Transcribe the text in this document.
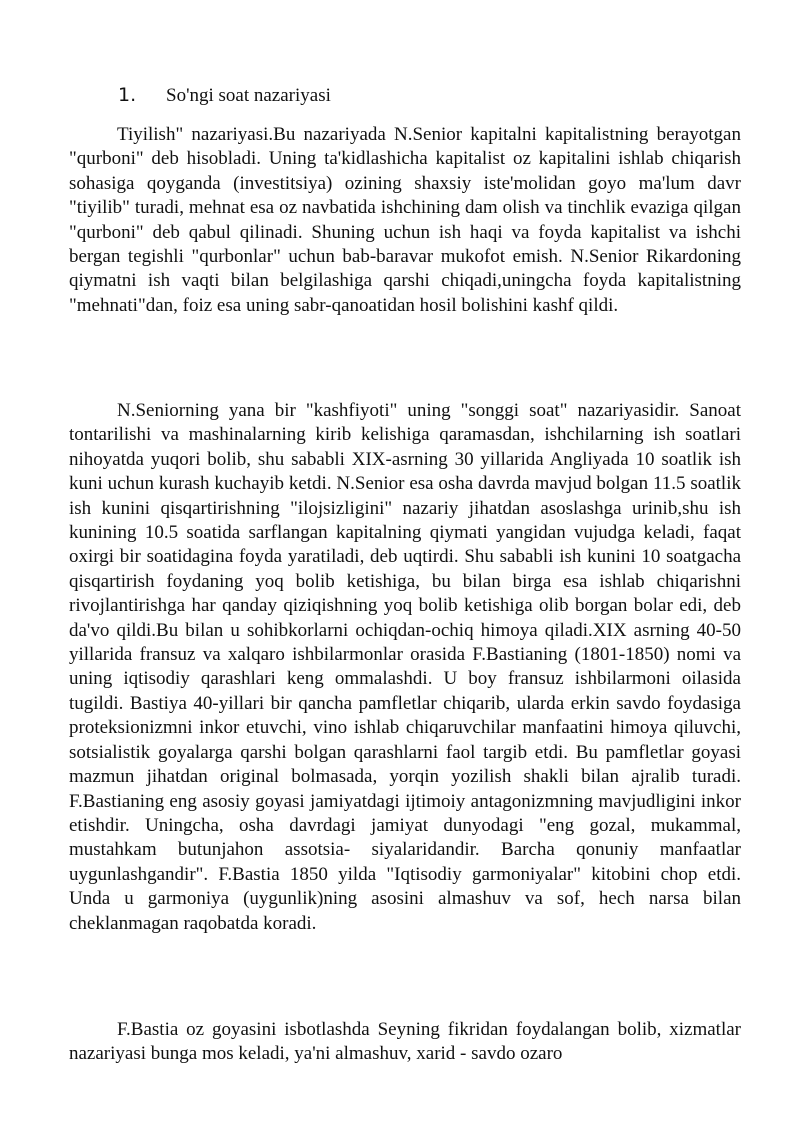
1.	So'ngi soat nazariyasi

Tiyilish" nazariyasi.Bu nazariyada N.Senior kapitalni kapitalistning berayotgan "qurboni" deb hisobladi. Uning ta'kidlashicha kapitalist oz kapitalini ishlab chiqarish sohasiga qoyganda (investitsiya) ozining shaxsiy iste'molidan goyo ma'lum davr "tiyilib" turadi, mehnat esa oz navbatida ishchining dam olish va tinchlik evaziga qilgan "qurboni" deb qabul qilinadi. Shuning uchun ish haqi va foyda kapitalist va ishchi bergan tegishli "qurbonlar" uchun bab-baravar mukofot emish. N.Senior Rikardoning qiymatni ish vaqti bilan belgilashiga qarshi chiqadi,uningcha foyda kapitalistning "mehnati"dan, foiz esa uning sabr-qanoatidan hosil bolishini kashf qildi.

N.Seniorning yana bir "kashfiyoti" uning "songgi soat" nazariyasidir. Sanoat tontarilishi va mashinalarning kirib kelishiga qaramasdan, ishchilarning ish soatlari nihoyatda yuqori bolib, shu sababli XIX-asrning 30 yillarida Angliyada 10 soatlik ish kuni uchun kurash kuchayib ketdi. N.Senior esa osha davrda mavjud bolgan 11.5 soatlik ish kunini qisqartirishning "ilojsizligini" nazariy jihatdan asoslashga urinib,shu ish kunining 10.5 soatida sarflangan kapitalning qiymati yangidan vujudga keladi, faqat oxirgi bir soatidagina foyda yaratiladi, deb uqtirdi. Shu sababli ish kunini 10 soatgacha qisqartirish foydaning yoq bolib ketishiga, bu bilan birga esa ishlab chiqarishni rivojlantirishga har qanday qiziqishning yoq bolib ketishiga olib borgan bolar edi, deb da'vo qildi.Bu bilan u sohibkorlarni ochiqdan-ochiq himoya qiladi.XIX asrning 40-50 yillarida fransuz va xalqaro ishbilarmonlar orasida F.Bastianing (1801-1850) nomi va uning iqtisodiy qarashlari keng ommalashdi. U boy fransuz ishbilarmoni oilasida tugildi. Bastiya 40-yillari bir qancha pamfletlar chiqarib, ularda erkin savdo foydasiga proteksionizmni inkor etuvchi, vino ishlab chiqaruvchilar manfaatini himoya qiluvchi, sotsialistik goyalarga qarshi bolgan qarashlarni faol targib etdi. Bu pamfletlar goyasi mazmun jihatdan original bolmasada, yorqin yozilish shakli bilan ajralib turadi. F.Bastianing eng asosiy goyasi jamiyatdagi ijtimoiy antagonizmning mavjudligini inkor etishdir. Uningcha, osha davrdagi jamiyat dunyodagi "eng gozal, mukammal, mustahkam butunjahon assotsia- siyalaridandir. Barcha qonuniy manfaatlar uygunlashgandir". F.Bastia 1850 yilda "Iqtisodiy garmoniyalar" kitobini chop etdi. Unda u garmoniya (uygunlik)ning asosini almashuv va sof, hech narsa bilan cheklanmagan raqobatda koradi.

F.Bastia oz goyasini isbotlashda Seyning fikridan foydalangan bolib, xizmatlar nazariyasi bunga mos keladi, ya'ni almashuv, xarid - savdo ozaro
